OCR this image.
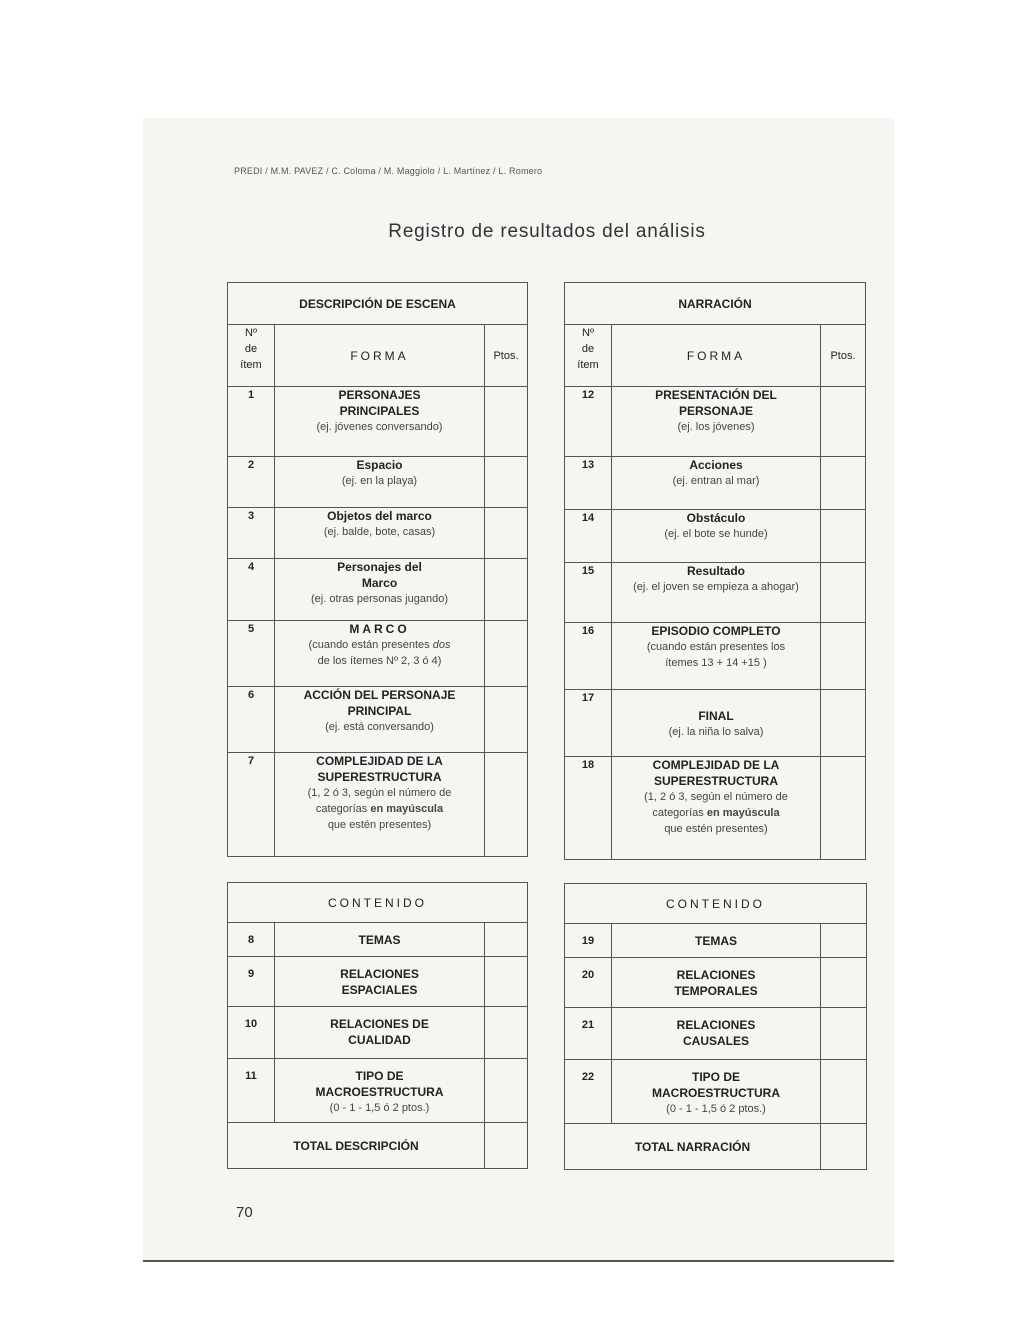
PREDI / M.M. PAVEZ / C. Coloma / M. Maggiolo / L. Martínez / L. Romero
Registro de resultados del análisis
DESCRIPCIÓN DE ESCENA		

Nº
de
ítem	FORMA	Ptos.
1	PERSONAJES
PRINCIPALES
(ej. jóvenes conversando)	

2	Espacio
(ej. en la playa)	

3	Objetos del marco
(ej. balde, bote, casas)	

4	Personajes del
Marco
(ej. otras personas jugando)	

5	MARCO
(cuando están presentes dos
de los ítemes Nº 2, 3 ó 4)	

6	ACCIÓN DEL PERSONAJE
PRINCIPAL
(ej. está conversando)	

7	COMPLEJIDAD DE LA
SUPERESTRUCTURA
(1, 2 ó 3, según el número de
categorías en mayúscula
que estén presentes)	

CONTENIDO		
8	TEMAS	

9	RELACIONES
ESPACIALES	

10	RELACIONES DE
CUALIDAD	

11	TIPO DE
MACROESTRUCTURA
(0 - 1 - 1,5 ó 2 ptos.)	

TOTAL DESCRIPCIÓN		
NARRACIÓN		

Nº
de
ítem	FORMA	Ptos.
12	PRESENTACIÓN DEL
PERSONAJE
(ej. los jóvenes)	

13	Acciones
(ej. entran al mar)	

14	Obstáculo
(ej. el bote se hunde)	

15	Resultado
(ej. el joven se empieza a ahogar)	

16	EPISODIO COMPLETO
(cuando están presentes los
ítemes 13 + 14 +15 )	

17	FINAL
(ej. la niña lo salva)	

18	COMPLEJIDAD DE LA
SUPERESTRUCTURA
(1, 2 ó 3, según el número de
categorías en mayúscula
que estén presentes)	

CONTENIDO		
19	TEMAS	

20	RELACIONES
TEMPORALES	

21	RELACIONES
CAUSALES	

22	TIPO DE
MACROESTRUCTURA
(0 - 1 - 1,5 ó 2 ptos.)	

TOTAL NARRACIÓN		
70
